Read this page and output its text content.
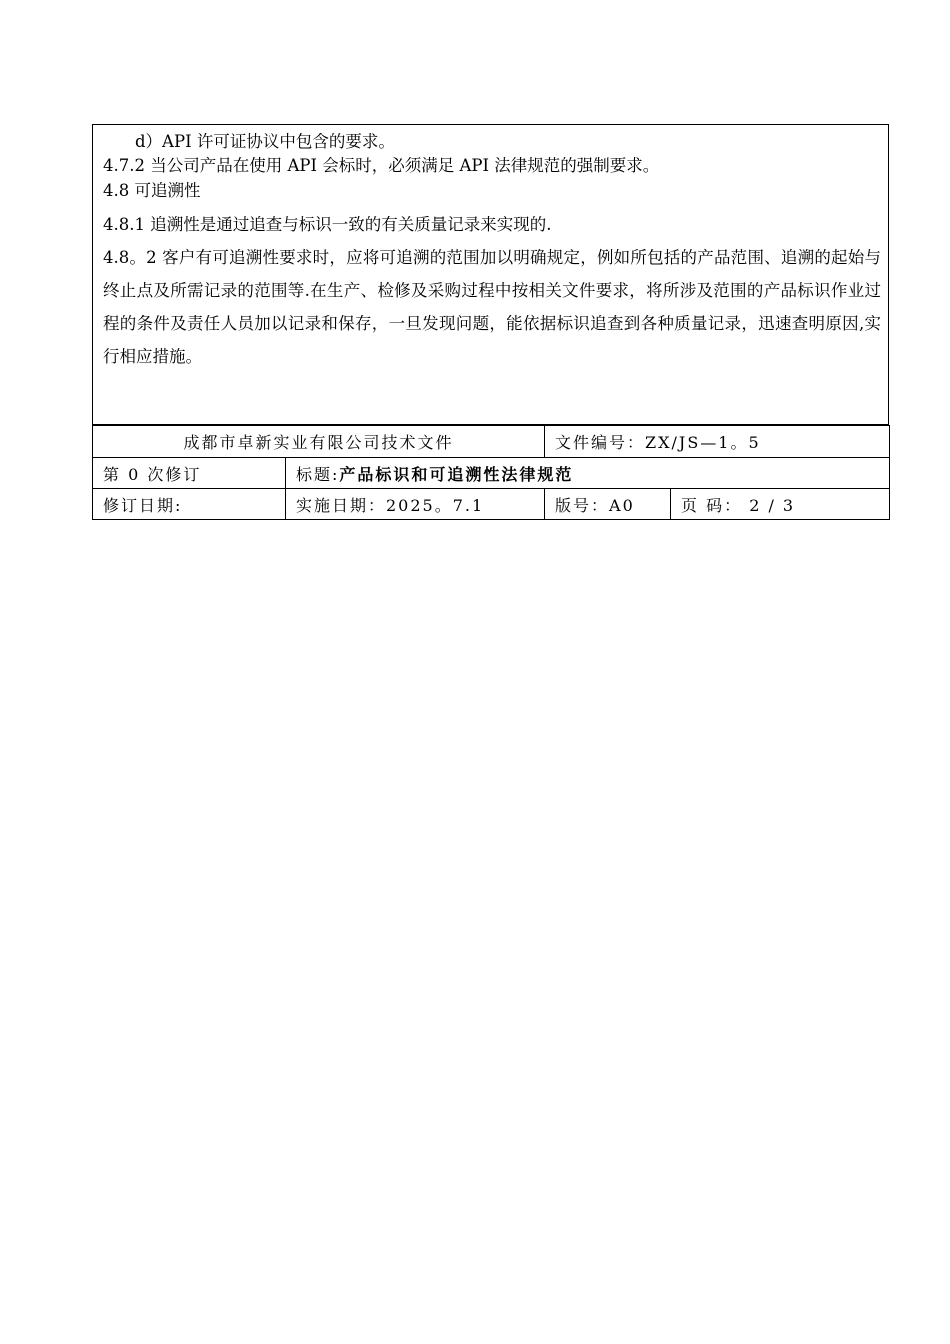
d）API 许可证协议中包含的要求。
4.7.2 当公司产品在使用 API 会标时，必须满足 API 法律规范的强制要求。
4.8 可追溯性
4.8.1 追溯性是通过追查与标识一致的有关质量记录来实现的.
4.8。2 客户有可追溯性要求时，应将可追溯的范围加以明确规定，例如所包括的产品范围、追溯的起始与终止点及所需记录的范围等.在生产、检修及采购过程中按相关文件要求，将所涉及范围的产品标识作业过程的条件及责任人员加以记录和保存，一旦发现问题，能依据标识追查到各种质量记录，迅速查明原因,实行相应措施。
成都市卓新实业有限公司技术文件		文件编号：ZX/JS—1。5	
第 0 次修订	标题:产品标识和可追溯性法律规范		
修订日期:	实施日期：2025。7.1	版号：A0	页 码： 2 / 3
